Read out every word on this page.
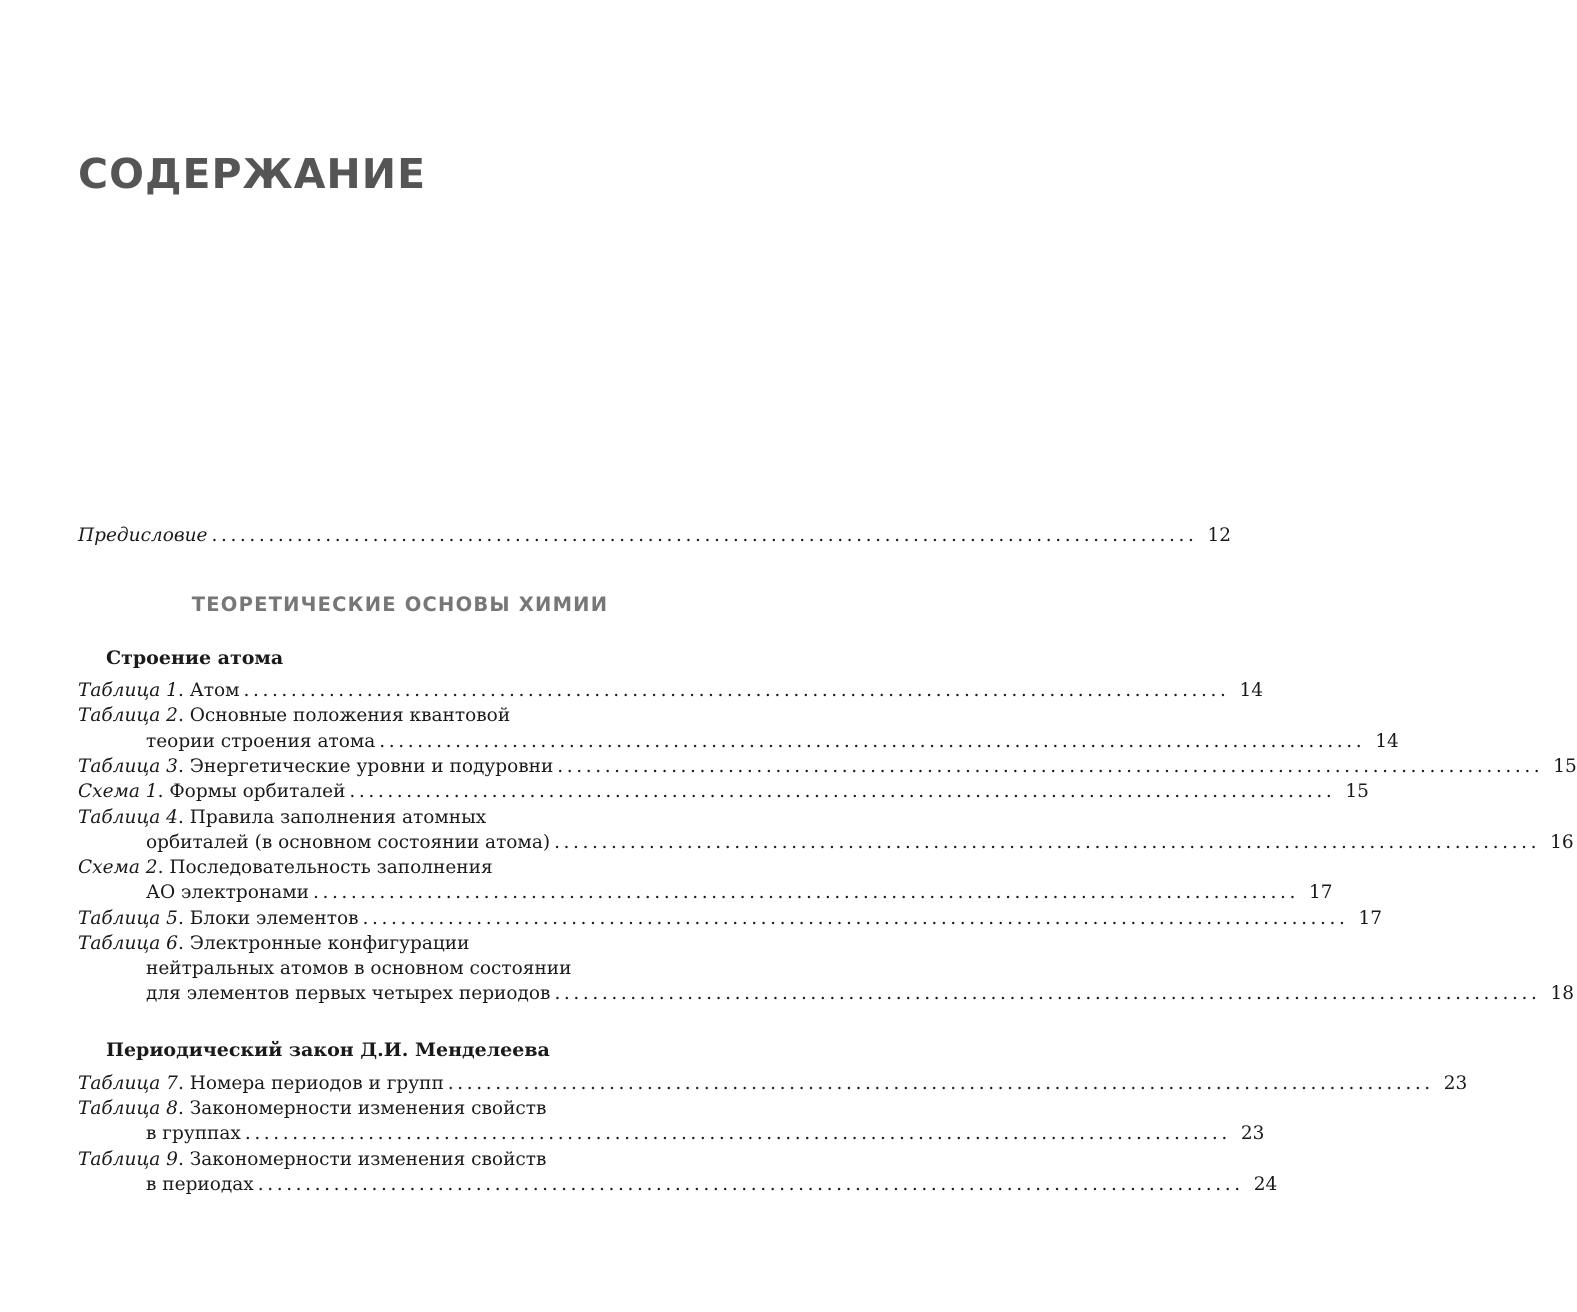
СОДЕРЖАНИЕ
Предисловие ........................................................................................................ 12
ТЕОРЕТИЧЕСКИЕ ОСНОВЫ ХИМИИ
Строение атома
Таблица 1. Атом ........................................................................................................ 14
Таблица 2. Основные положения квантовой
теории строения атома ........................................................................................................ 14
Таблица 3. Энергетические уровни и подуровни ........................................................................................................ 15
Схема 1. Формы орбиталей ........................................................................................................ 15
Таблица 4. Правила заполнения атомных
орбиталей (в основном состоянии атома) ........................................................................................................ 16
Схема 2. Последовательность заполнения
АО электронами ........................................................................................................ 17
Таблица 5. Блоки элементов ........................................................................................................ 17
Таблица 6. Электронные конфигурации
нейтральных атомов в основном состоянии
для элементов первых четырех периодов ........................................................................................................ 18
Периодический закон Д.И. Менделеева
Таблица 7. Номера периодов и групп ........................................................................................................ 23
Таблица 8. Закономерности изменения свойств
в группах ........................................................................................................ 23
Таблица 9. Закономерности изменения свойств
в периодах ........................................................................................................ 24
